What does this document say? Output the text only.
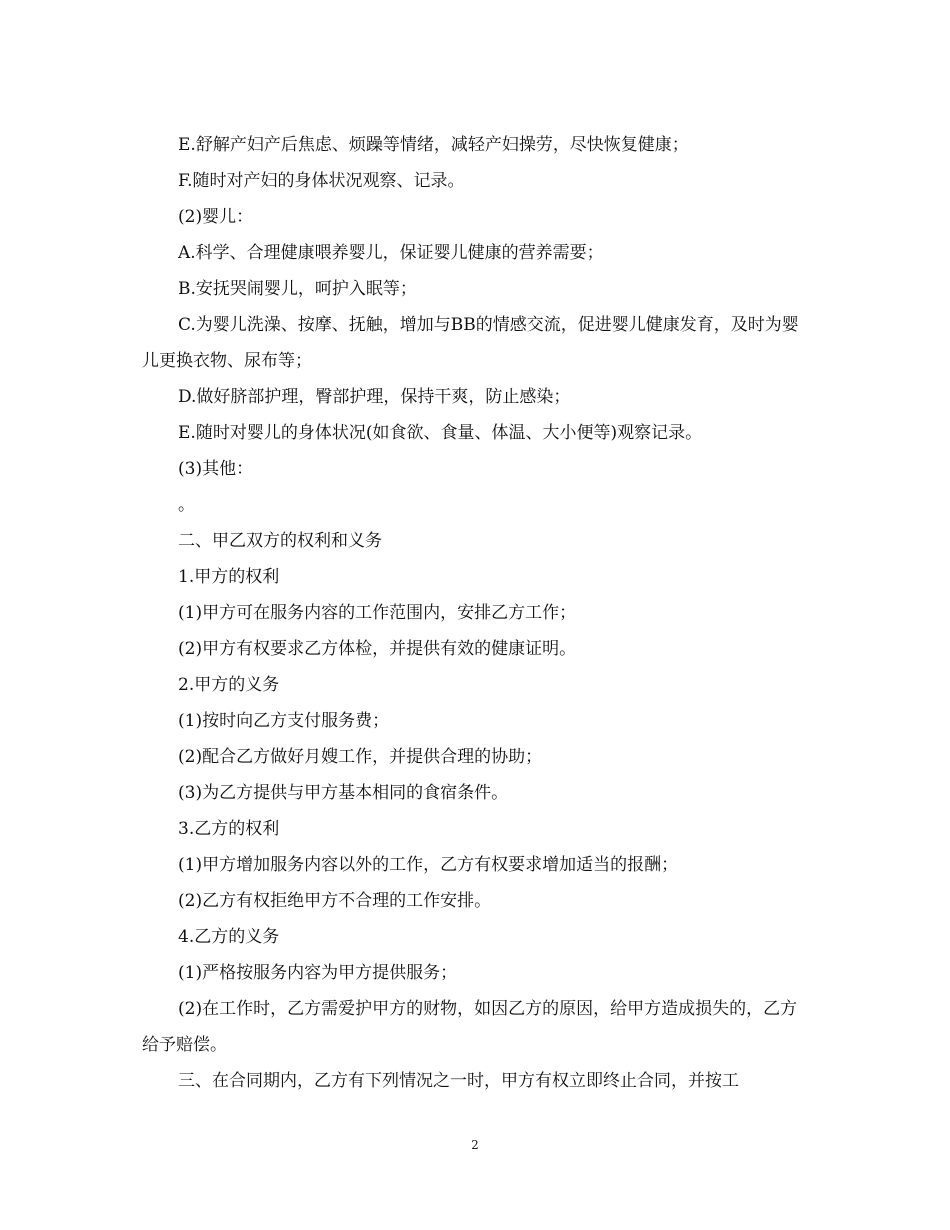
E.舒解产妇产后焦虑、烦躁等情绪，减轻产妇操劳，尽快恢复健康；

F.随时对产妇的身体状况观察、记录。

(2)婴儿：

A.科学、合理健康喂养婴儿，保证婴儿健康的营养需要；

B.安抚哭闹婴儿，呵护入眠等；

C.为婴儿洗澡、按摩、抚触，增加与BB的情感交流，促进婴儿健康发育，及时为婴儿更换衣物、尿布等；

D.做好脐部护理，臀部护理，保持干爽，防止感染；

E.随时对婴儿的身体状况(如食欲、食量、体温、大小便等)观察记录。

(3)其他：

。

二、甲乙双方的权利和义务

1.甲方的权利

(1)甲方可在服务内容的工作范围内，安排乙方工作；

(2)甲方有权要求乙方体检，并提供有效的健康证明。

2.甲方的义务

(1)按时向乙方支付服务费；

(2)配合乙方做好月嫂工作，并提供合理的协助；

(3)为乙方提供与甲方基本相同的食宿条件。

3.乙方的权利

(1)甲方增加服务内容以外的工作，乙方有权要求增加适当的报酬；

(2)乙方有权拒绝甲方不合理的工作安排。

4.乙方的义务

(1)严格按服务内容为甲方提供服务；

(2)在工作时，乙方需爱护甲方的财物，如因乙方的原因，给甲方造成损失的，乙方给予赔偿。

三、在合同期内，乙方有下列情况之一时，甲方有权立即终止合同，并按工

2
